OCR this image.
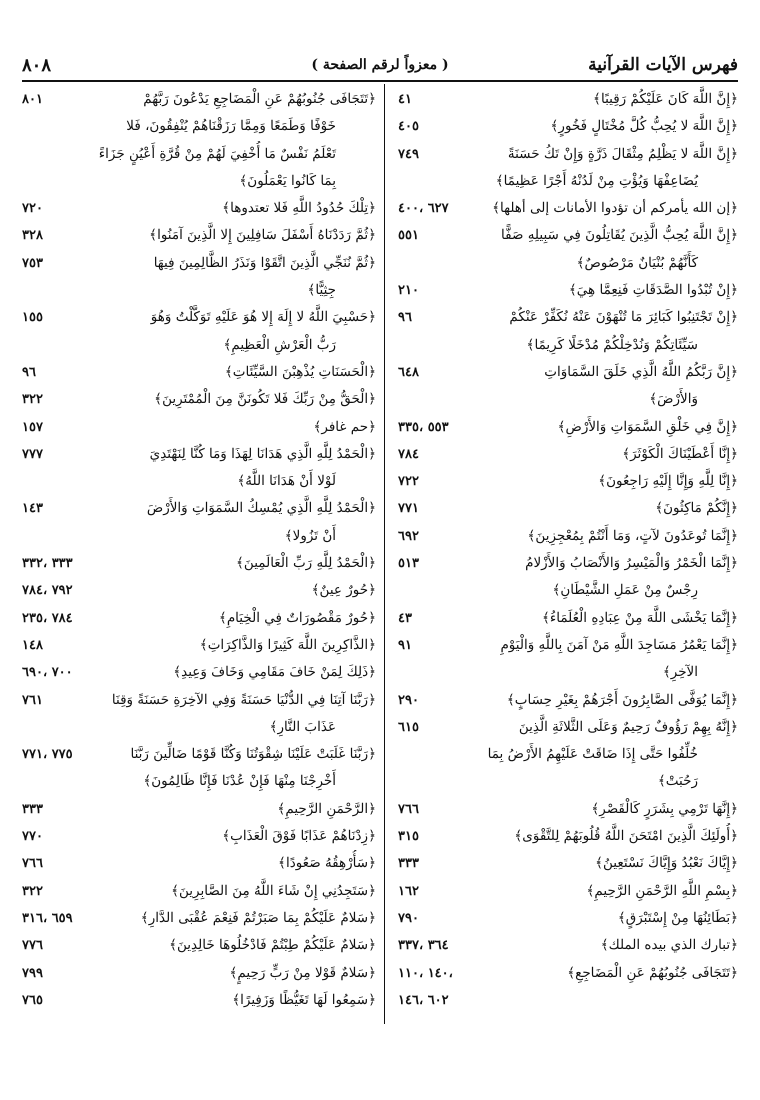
فهرس الآيات القرآنية
( معزواً لرقم الصفحة )
٨٠٨
﴿إِنَّ اللَّهَ كَانَ عَلَيْكُمْ رَقِيبًا﴾
٤١
﴿إِنَّ اللَّهَ لا يُحِبُّ كُلَّ مُخْتَالٍ فَخُورٍ﴾
٤٠٥
﴿إِنَّ اللَّهَ لا يَظْلِمُ مِثْقَالَ ذَرَّةٍ وَإِنْ تَكُ حَسَنَةً
يُضَاعِفْهَا وَيُؤْتِ مِنْ لَدُنْهُ أَجْرًا عَظِيمًا﴾
٧٤٩
﴿إن الله يأمركم أن تؤدوا الأمانات إلى أهلها﴾
٦٢٧ ،٤٠٠
﴿إِنَّ اللَّهَ يُحِبُّ الَّذِينَ يُقَاتِلُونَ فِي سَبِيلِهِ صَفًّا
كَأَنَّهُمْ بُنْيَانٌ مَرْصُوصٌ﴾
٥٥١
﴿إِنْ تُبْدُوا الصَّدَقَاتِ فَنِعِمَّا هِيَ﴾
٢١٠
﴿إِنْ تَجْتَنِبُوا كَبَائِرَ مَا تُنْهَوْنَ عَنْهُ نُكَفِّرْ عَنْكُمْ
سَيِّئَاتِكُمْ وَنُدْخِلْكُمْ مُدْخَلًا كَرِيمًا﴾
٩٦
﴿إِنَّ رَبَّكُمُ اللَّهُ الَّذِي خَلَقَ السَّمَاوَاتِ
وَالأَرْضَ﴾
٦٤٨
﴿إِنَّ فِي خَلْقِ السَّمَوَاتِ وَالأَرْضِ﴾
٥٥٣ ،٣٣٥
﴿إِنَّا أَعْطَيْنَاكَ الْكَوْثَرَ﴾
٧٨٤
﴿إِنَّا لِلَّهِ وَإِنَّا إِلَيْهِ رَاجِعُونَ﴾
٧٢٢
﴿إِنَّكُمْ مَاكِثُونَ﴾
٧٧١
﴿إِنَّمَا تُوعَدُونَ لآتٍ، وَمَا أَنْتُمْ بِمُعْجِزِينَ﴾
٦٩٢
﴿إِنَّمَا الْخَمْرُ وَالْمَيْسِرُ وَالأَنْصَابُ وَالأَزْلامُ
رِجْسٌ مِنْ عَمَلِ الشَّيْطَانِ﴾
٥١٣
﴿إِنَّمَا يَخْشَى اللَّهَ مِنْ عِبَادِهِ الْعُلَمَاءُ﴾
٤٣
﴿إِنَّمَا يَعْمُرُ مَسَاجِدَ اللَّهِ مَنْ آمَنَ بِاللَّهِ وَالْيَوْمِ
الآخِرِ﴾
٩١
﴿إِنَّمَا يُوَفَّى الصَّابِرُونَ أَجْرَهُمْ بِغَيْرِ حِسَابٍ﴾
٢٩٠
﴿إِنَّهُ بِهِمْ رَؤُوفٌ رَحِيمٌ وَعَلَى الثَّلاثَةِ الَّذِينَ
خُلِّفُوا حَتَّى إِذَا ضَاقَتْ عَلَيْهِمُ الأَرْضُ بِمَا
رَحُبَتْ﴾
٦١٥
﴿إِنَّهَا تَرْمِي بِشَرَرٍ كَالْقَصْرِ﴾
٧٦٦
﴿أُولَئِكَ الَّذِينَ امْتَحَنَ اللَّهُ قُلُوبَهُمْ لِلتَّقْوَى﴾
٣١٥
﴿إِيَّاكَ نَعْبُدُ وَإِيَّاكَ نَسْتَعِينُ﴾
٣٣٣
﴿بِسْمِ اللَّهِ الرَّحْمَنِ الرَّحِيمِ﴾
١٦٢
﴿بَطَائِنُهَا مِنْ إِسْتَبْرَقٍ﴾
٧٩٠
﴿تبارك الذي بيده الملك﴾
٣٦٤ ،٣٣٧
﴿تَتَجَافَى جُنُوبُهُمْ عَنِ الْمَضَاجِعِ﴾
،١٤٠ ،١١٠
٦٠٢ ،١٤٦
﴿تَتَجَافَى جُنُوبُهُمْ عَنِ الْمَضَاجِعِ يَدْعُونَ رَبَّهُمْ
خَوْفًا وَطَمَعًا وَمِمَّا رَزَقْنَاهُمْ يُنْفِقُونَ، فَلا
تَعْلَمُ نَفْسٌ مَا أُخْفِيَ لَهُمْ مِنْ قُرَّةِ أَعْيُنٍ جَزَاءً
بِمَا كَانُوا يَعْمَلُونَ﴾
٨٠١
﴿تِلْكَ حُدُودُ اللَّهِ فَلا تعتدوها﴾
٧٢٠
﴿ثُمَّ رَدَدْنَاهُ أَسْفَلَ سَافِلِينَ إِلا الَّذِينَ آمَنُوا﴾
٣٢٨
﴿ثُمَّ نُنَجِّي الَّذِينَ اتَّقَوْا وَنَذَرُ الظَّالِمِينَ فِيهَا
جِثِيًّا﴾
٧٥٣
﴿حَسْبِيَ اللَّهُ لا إِلَهَ إِلا هُوَ عَلَيْهِ تَوَكَّلْتُ وَهُوَ
رَبُّ الْعَرْشِ الْعَظِيمِ﴾
١٥٥
﴿الْحَسَنَاتِ يُذْهِبْنَ السَّيِّئَاتِ﴾
٩٦
﴿الْحَقُّ مِنْ رَبِّكَ فَلا تَكُونَنَّ مِنَ الْمُمْتَرِينَ﴾
٣٢٢
﴿حم غافر﴾
١٥٧
﴿الْحَمْدُ لِلَّهِ الَّذِي هَدَانَا لِهَذَا وَمَا كُنَّا لِنَهْتَدِيَ
لَوْلا أَنْ هَدَانَا اللَّهُ﴾
٧٧٧
﴿الْحَمْدُ لِلَّهِ الَّذِي يُمْسِكُ السَّمَوَاتِ وَالأَرْضَ
أَنْ تَزُولا﴾
١٤٣
﴿الْحَمْدُ لِلَّهِ رَبِّ الْعَالَمِينَ﴾
٣٣٣ ،٣٣٢
﴿حُورٌ عِينٌ﴾
٧٩٢ ،٧٨٤
﴿حُورٌ مَقْصُورَاتٌ فِي الْخِيَامِ﴾
٧٨٤ ،٢٣٥
﴿الذَّاكِرِينَ اللَّهَ كَثِيرًا وَالذَّاكِرَاتِ﴾
١٤٨
﴿ذَلِكَ لِمَنْ خَافَ مَقَامِي وَخَافَ وَعِيدِ﴾
٧٠٠ ،٦٩٠
﴿رَبَّنَا آتِنَا فِي الدُّنْيَا حَسَنَةً وَفِي الآخِرَةِ حَسَنَةً وَقِنَا
عَذَابَ النَّارِ﴾
٧٦١
﴿رَبَّنَا غَلَبَتْ عَلَيْنَا شِقْوَتُنَا وَكُنَّا قَوْمًا ضَالِّينَ رَبَّنَا
أَخْرِجْنَا مِنْهَا فَإِنْ عُدْنَا فَإِنَّا ظَالِمُونَ﴾
٧٧٥ ،٧٧١
﴿الرَّحْمَنِ الرَّحِيمِ﴾
٣٣٣
﴿زِدْنَاهُمْ عَذَابًا فَوْقَ الْعَذَابِ﴾
٧٧٠
﴿سَأُرْهِقُهُ صَعُودًا﴾
٧٦٦
﴿سَتَجِدُنِي إِنْ شَاءَ اللَّهُ مِنَ الصَّابِرِينَ﴾
٣٢٢
﴿سَلامٌ عَلَيْكُمْ بِمَا صَبَرْتُمْ فَنِعْمَ عُقْبَى الدَّارِ﴾
٦٥٩ ،٣١٦
﴿سَلامٌ عَلَيْكُمْ طِبْتُمْ فَادْخُلُوهَا خَالِدِينَ﴾
٧٧٦
﴿سَلامٌ قَوْلا مِنْ رَبٍّ رَحِيمٍ﴾
٧٩٩
﴿سَمِعُوا لَهَا تَغَيُّظًا وَزَفِيرًا﴾
٧٦٥
